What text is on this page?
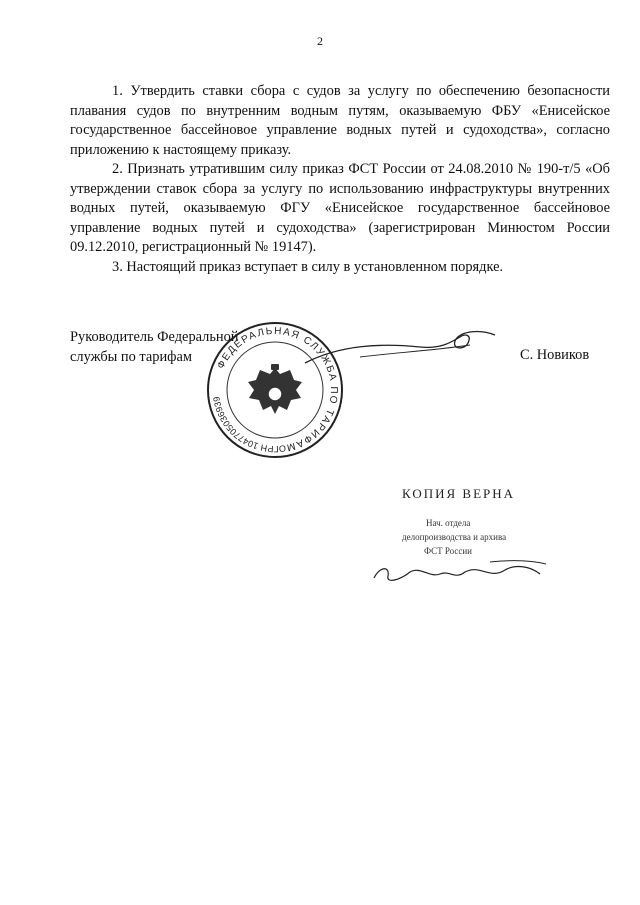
2

1. Утвердить ставки сбора с судов за услугу по обеспечению безопасности плавания судов по внутренним водным путям, оказываемую ФБУ «Енисейское государственное бассейновое управление водных путей и судоходства», согласно приложению к настоящему приказу.

2. Признать утратившим силу приказ ФСТ России от 24.08.2010 № 190-т/5 «Об утверждении ставок сбора за услугу по использованию инфраструктуры внутренних водных путей, оказываемую ФГУ «Енисейское государственное бассейновое управление водных путей и судоходства» (зарегистрирован Минюстом России 09.12.2010, регистрационный № 19147).

3. Настоящий приказ вступает в силу в установленном порядке.

Руководитель Федеральной
службы по тарифам	С. Новиков
ФЕДЕРАЛЬНАЯ СЛУЖБА ПО ТАРИФАМ
ОГРН 1047705036939
КОПИЯ ВЕРНА
Нач. отдела
делопроизводства и архива
ФСТ России
